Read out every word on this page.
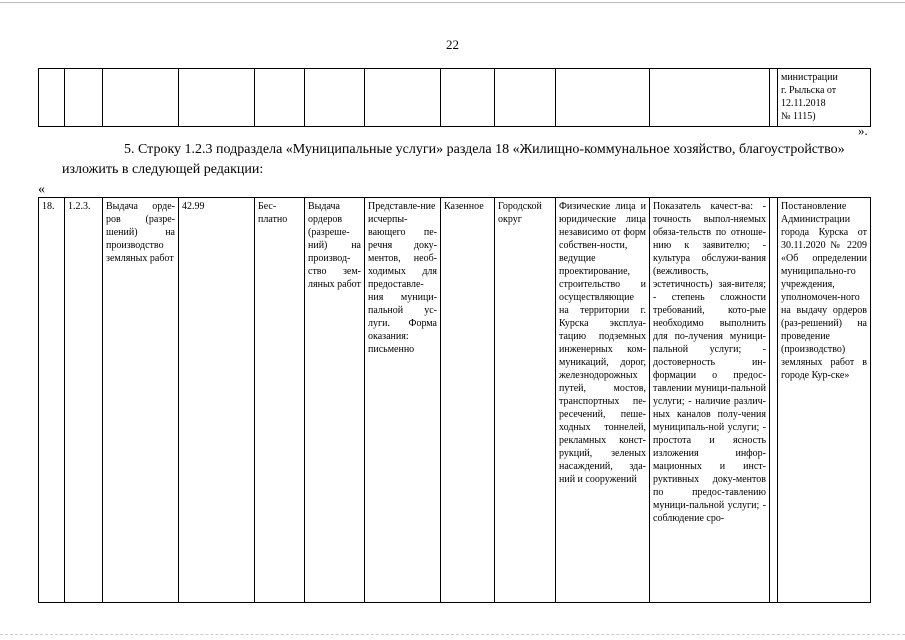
22

министрации
г. Рыльска от
12.11.2018
№ 1115)
».
5. Строку 1.2.3 подраздела «Муниципальные услуги» раздела 18 «Жилищно-коммунальное хозяйство, благоустройство»
изложить в следующей редакции:
«
18.	1.2.3.	Выдача орде-ров (разре-шений) на производство земляных работ	42.99	Бес-платно	Выдача ордеров (разреше-ний) на производ-ство зем-ляных работ	Представле-ние исчерпы-вающего пе-речня доку-ментов, необ-ходимых для предоставле-ния муници-пальной ус-луги. Форма оказания: письменно	Казенное	Городской округ	Физические лица и юридические лица независимо от форм собствен-ности, ведущие проектирование, строительство и осуществляющие на территории г. Курска эксплуа-тацию подземных инженерных ком-муникаций, дорог, железнодорожных путей, мостов, транспортных пе-ресечений, пеше-ходных тоннелей, рекламных конст-рукций, зеленых насаждений, зда-ний и сооружений	Показатель качест-ва: - точность выпол-няемых обяза-тельств по отноше-нию к заявителю; - культура обслужи-вания (вежливость, эстетичность) зая-вителя; - степень сложности требований, кото-рые необходимо выполнить для по-лучения муници-пальной услуги; - достоверность ин-формации о предос-тавлении муници-пальной услуги; - наличие различ-ных каналов полу-чения муниципаль-ной услуги; - простота и ясность изложения инфор-мационных и инст-руктивных доку-ментов по предос-тавлению муници-пальной услуги; - соблюдение сро-		Постановление Администрации города Курска от 30.11.2020 № 2209 «Об определении муниципально-го учреждения, уполномочен-ного на выдачу ордеров (раз-решений) на проведение (производство) земляных работ в городе Кур-ске»
